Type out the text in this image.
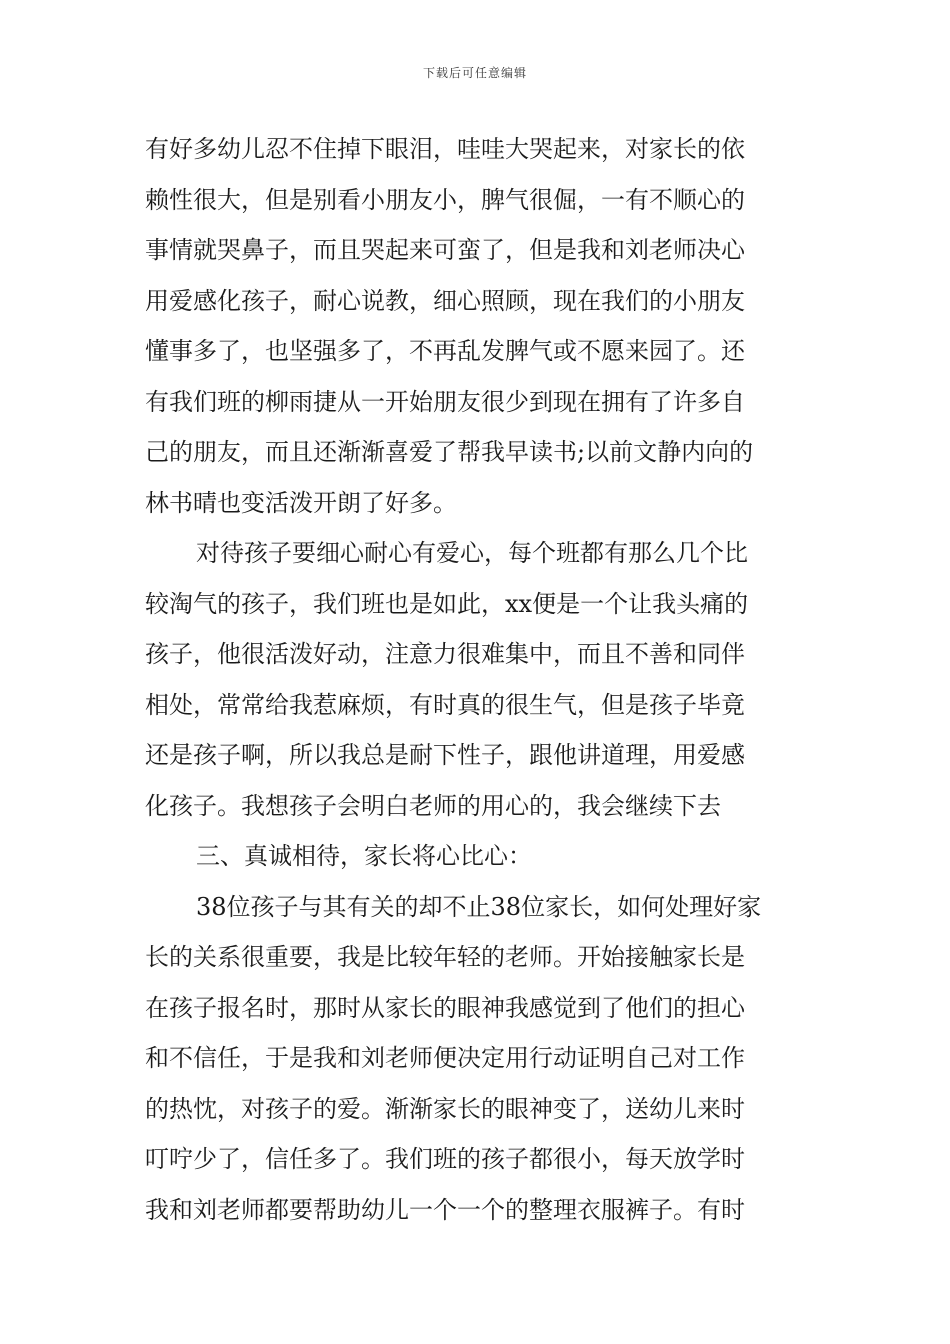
下载后可任意编辑
有好多幼儿忍不住掉下眼泪，哇哇大哭起来，对家长的依
赖性很大，但是别看小朋友小，脾气很倔，一有不顺心的
事情就哭鼻子，而且哭起来可蛮了，但是我和刘老师决心
用爱感化孩子，耐心说教，细心照顾，现在我们的小朋友
懂事多了，也坚强多了，不再乱发脾气或不愿来园了。还
有我们班的柳雨捷从一开始朋友很少到现在拥有了许多自
己的朋友，而且还渐渐喜爱了帮我早读书;以前文静内向的
林书晴也变活泼开朗了好多。
对待孩子要细心耐心有爱心，每个班都有那么几个比
较淘气的孩子，我们班也是如此，xx便是一个让我头痛的
孩子，他很活泼好动，注意力很难集中，而且不善和同伴
相处，常常给我惹麻烦，有时真的很生气，但是孩子毕竟
还是孩子啊，所以我总是耐下性子，跟他讲道理，用爱感
化孩子。我想孩子会明白老师的用心的，我会继续下去
三、真诚相待，家长将心比心：
38位孩子与其有关的却不止38位家长，如何处理好家
长的关系很重要，我是比较年轻的老师。开始接触家长是
在孩子报名时，那时从家长的眼神我感觉到了他们的担心
和不信任，于是我和刘老师便决定用行动证明自己对工作
的热忱，对孩子的爱。渐渐家长的眼神变了，送幼儿来时
叮咛少了，信任多了。我们班的孩子都很小，每天放学时
我和刘老师都要帮助幼儿一个一个的整理衣服裤子。有时
